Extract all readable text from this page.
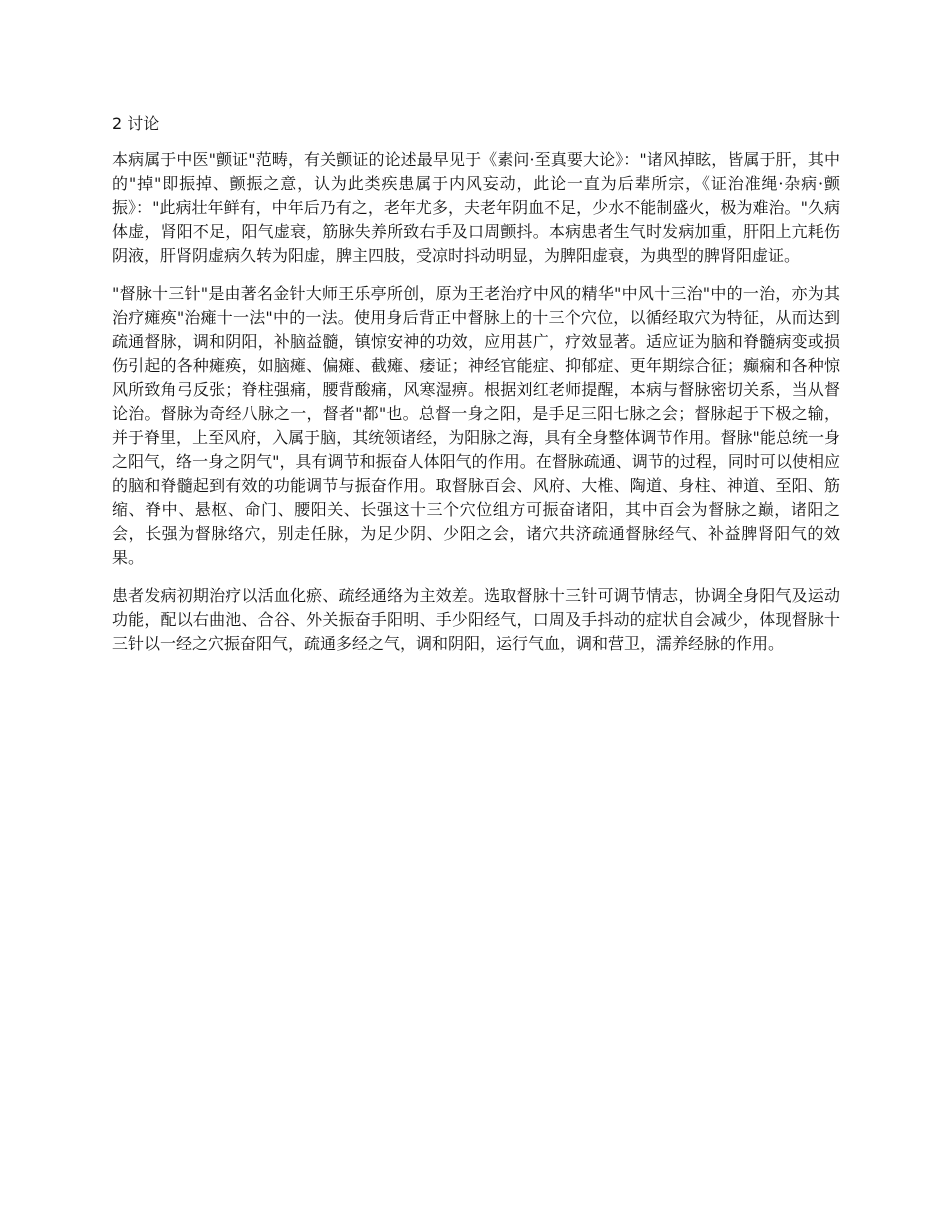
2 讨论

本病属于中医"颤证"范畴，有关颤证的论述最早见于《素问·至真要大论》："诸风掉眩，皆属于肝，其中的"掉"即振掉、颤振之意，认为此类疾患属于内风妄动，此论一直为后辈所宗，《证治准绳·杂病·颤振》："此病壮年鲜有，中年后乃有之，老年尤多，夫老年阴血不足，少水不能制盛火，极为难治。"久病体虚，肾阳不足，阳气虚衰，筋脉失养所致右手及口周颤抖。本病患者生气时发病加重，肝阳上亢耗伤阴液，肝肾阴虚病久转为阳虚，脾主四肢，受凉时抖动明显，为脾阳虚衰，为典型的脾肾阳虚证。

"督脉十三针"是由著名金针大师王乐亭所创，原为王老治疗中风的精华"中风十三治"中的一治，亦为其治疗瘫痪"治瘫十一法"中的一法。使用身后背正中督脉上的十三个穴位，以循经取穴为特征，从而达到疏通督脉，调和阴阳，补脑益髓，镇惊安神的功效，应用甚广，疗效显著。适应证为脑和脊髓病变或损伤引起的各种瘫痪，如脑瘫、偏瘫、截瘫、痿证；神经官能症、抑郁症、更年期综合征；癫痫和各种惊风所致角弓反张；脊柱强痛，腰背酸痛，风寒湿痹。根据刘红老师提醒，本病与督脉密切关系，当从督论治。督脉为奇经八脉之一，督者"都"也。总督一身之阳，是手足三阳七脉之会；督脉起于下极之输，并于脊里，上至风府，入属于脑，其统领诸经，为阳脉之海，具有全身整体调节作用。督脉"能总统一身之阳气，络一身之阴气"，具有调节和振奋人体阳气的作用。在督脉疏通、调节的过程，同时可以使相应的脑和脊髓起到有效的功能调节与振奋作用。取督脉百会、风府、大椎、陶道、身柱、神道、至阳、筋缩、脊中、悬枢、命门、腰阳关、长强这十三个穴位组方可振奋诸阳，其中百会为督脉之巅，诸阳之会，长强为督脉络穴，别走任脉，为足少阴、少阳之会，诸穴共济疏通督脉经气、补益脾肾阳气的效果。

患者发病初期治疗以活血化瘀、疏经通络为主效差。选取督脉十三针可调节情志，协调全身阳气及运动功能，配以右曲池、合谷、外关振奋手阳明、手少阳经气，口周及手抖动的症状自会减少，体现督脉十三针以一经之穴振奋阳气，疏通多经之气，调和阴阳，运行气血，调和营卫，濡养经脉的作用。
